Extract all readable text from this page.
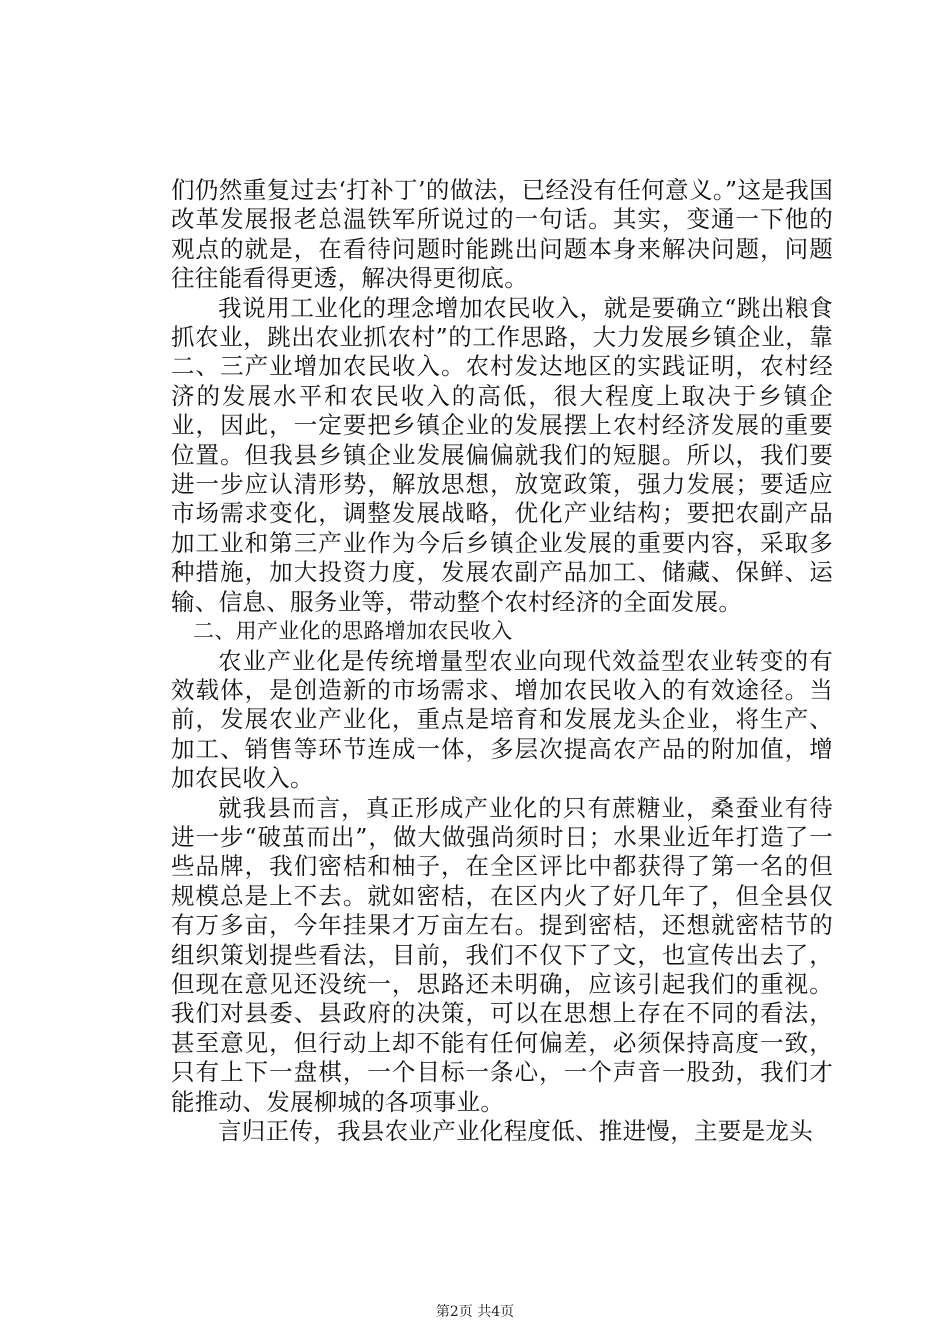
们仍然重复过去‘打补丁’的做法，已经没有任何意义。”这是我国改革发展报老总温铁军所说过的一句话。其实，变通一下他的观点的就是，在看待问题时能跳出问题本身来解决问题，问题往往能看得更透，解决得更彻底。

我说用工业化的理念增加农民收入，就是要确立“跳出粮食抓农业，跳出农业抓农村”的工作思路，大力发展乡镇企业，靠二、三产业增加农民收入。农村发达地区的实践证明，农村经济的发展水平和农民收入的高低，很大程度上取决于乡镇企业，因此，一定要把乡镇企业的发展摆上农村经济发展的重要位置。但我县乡镇企业发展偏偏就我们的短腿。所以，我们要进一步应认清形势，解放思想，放宽政策，强力发展；要适应市场需求变化，调整发展战略，优化产业结构；要把农副产品加工业和第三产业作为今后乡镇企业发展的重要内容，采取多种措施，加大投资力度，发展农副产品加工、储藏、保鲜、运输、信息、服务业等，带动整个农村经济的全面发展。

二、用产业化的思路增加农民收入

农业产业化是传统增量型农业向现代效益型农业转变的有效载体，是创造新的市场需求、增加农民收入的有效途径。当前，发展农业产业化，重点是培育和发展龙头企业，将生产、加工、销售等环节连成一体，多层次提高农产品的附加值，增加农民收入。

就我县而言，真正形成产业化的只有蔗糖业，桑蚕业有待进一步“破茧而出”，做大做强尚须时日；水果业近年打造了一些品牌，我们密桔和柚子，在全区评比中都获得了第一名的但规模总是上不去。就如密桔，在区内火了好几年了，但全县仅有万多亩，今年挂果才万亩左右。提到密桔，还想就密桔节的组织策划提些看法，目前，我们不仅下了文，也宣传出去了，但现在意见还没统一，思路还未明确，应该引起我们的重视。我们对县委、县政府的决策，可以在思想上存在不同的看法，甚至意见，但行动上却不能有任何偏差，必须保持高度一致，只有上下一盘棋，一个目标一条心，一个声音一股劲，我们才能推动、发展柳城的各项事业。

言归正传，我县农业产业化程度低、推进慢，主要是龙头

第2页 共4页
